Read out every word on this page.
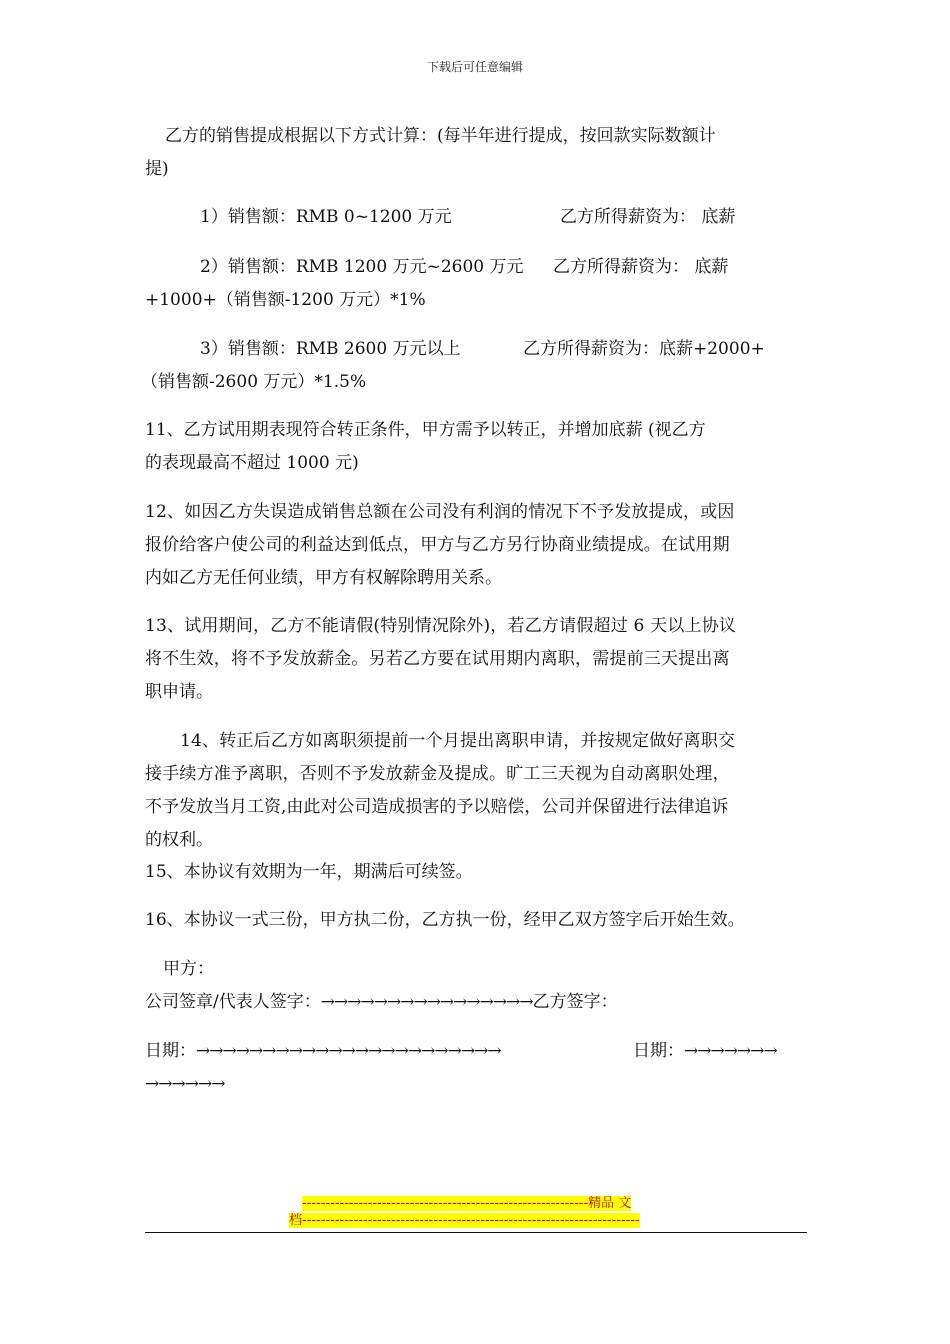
下载后可任意编辑
乙方的销售提成根据以下方式计算：(每半年进行提成，按回款实际数额计
提)
1）销售额：RMB 0~1200 万元	乙方所得薪资为： 底薪
2）销售额：RMB 1200 万元~2600 万元 乙方所得薪资为： 底薪
+1000+（销售额-1200 万元）*1%
3）销售额：RMB 2600 万元以上	乙方所得薪资为：底薪+2000+
（销售额-2600 万元）*1.5%
11、乙方试用期表现符合转正条件，甲方需予以转正，并增加底薪 (视乙方
的表现最高不超过 1000 元)
12、如因乙方失误造成销售总额在公司没有利润的情况下不予发放提成，或因
报价给客户使公司的利益达到低点，甲方与乙方另行协商业绩提成。在试用期
内如乙方无任何业绩，甲方有权解除聘用关系。
13、试用期间，乙方不能请假(特别情况除外)，若乙方请假超过 6 天以上协议
将不生效，将不予发放薪金。另若乙方要在试用期内离职，需提前三天提出离
职申请。
14、转正后乙方如离职须提前一个月提出离职申请，并按规定做好离职交
接手续方准予离职，否则不予发放薪金及提成。旷工三天视为自动离职处理，
不予发放当月工资,由此对公司造成损害的予以赔偿，公司并保留进行法律追诉
的权利。
15、本协议有效期为一年，期满后可续签。
16、本协议一式三份，甲方执二份，乙方执一份，经甲乙双方签字后开始生效。
甲方：
公司签章/代表人签字：→→→→→→→→→→→→→→→→乙方签字：
日期：→→→→→→→→→→→→→→→→→→→→→→→	日期：→→→→→→→
→→→→→→
-------------------------------------------------------------精品 文
档------------------------------------------------------------------------
